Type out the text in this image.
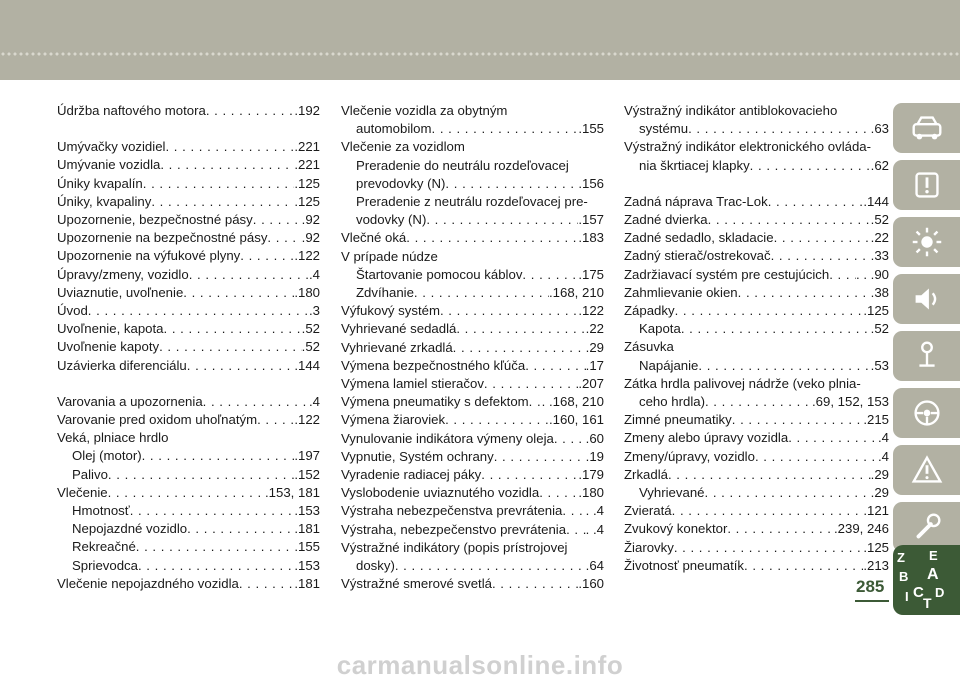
Údržba naftového motora . . .	.192
Umývačky vozidiel . . .	.221
Umývanie vozidla . . .	.221
Úniky kvapalín . . .	.125
Úniky, kvapaliny . . .	.125
Upozornenie, bezpečnostné pásy . . .	.92
Upozornenie na bezpečnostné pásy . . .	.92
Upozornenie na výfukové plyny . . .	.122
Úpravy/zmeny, vozidlo . . .	.4
Uviaznutie, uvoľnenie . . .	.180
Úvod . . .	.3
Uvoľnenie, kapota . . .	.52
Uvoľnenie kapoty . . .	.52
Uzávierka diferenciálu . . .	.144
Varovania a upozornenia . . .	.4
Varovanie pred oxidom uhoľnatým . . .	.122
Veká, plniace hrdlo
Olej (motor) . . .	.197
Palivo . . .	.152
Vlečenie . . .	.153, 181
Hmotnosť . . .	.153
Nepojazdné vozidlo . . .	.181
Rekreačné . . .	.155
Sprievodca . . .	.153
Vlečenie nepojazdného vozidla . . .	.181
Vlečenie vozidla za obytným
automobilom . . .	.155
Vlečenie za vozidlom
Preradenie do neutrálu rozdeľovacej
prevodovky (N) . . .	.156
Preradenie z neutrálu rozdeľovacej pre-
vodovky (N) . . .	.157
Vlečné oká . . .	.183
V prípade núdze
Štartovanie pomocou káblov . . .	.175
Zdvíhanie . . .	.168, 210
Výfukový systém . . .	.122
Vyhrievané sedadlá . . .	.22
Vyhrievané zrkadlá . . .	.29
Výmena bezpečnostného kľúča . . .	.17
Výmena lamiel stieračov . . .	.207
Výmena pneumatiky s defektom . . . . .168, 210
Výmena žiaroviek . . .	.160, 161
Vynulovanie indikátora výmeny oleja . . . . .60
Vypnutie, Systém ochrany . . .	.19
Vyradenie radiacej páky . . .	.179
Vyslobodenie uviaznutého vozidla . . .	.180
Výstraha nebezpečenstva prevrátenia . . . . .4
Výstraha, nebezpečenstvo prevrátenia . . . . .4
Výstražné indikátory (popis prístrojovej
dosky) . . .	.64
Výstražné smerové svetlá . . .	.160
Výstražný indikátor antiblokovacieho
systému . . .	.63
Výstražný indikátor elektronického ovláda-
nia škrtiacej klapky . . .	.62
Zadná náprava Trac-Lok . . .	.144
Zadné dvierka . . .	.52
Zadné sedadlo, skladacie . . .	.22
Zadný stierač/ostrekovač . . .	.33
Zadržiavací systém pre cestujúcich . . . . . .90
Zahmlievanie okien . . .	.38
Západky . . .	.125
Kapota . . .	.52
Zásuvka
Napájanie . . .	.53
Zátka hrdla palivovej nádrže (veko plnia-
ceho hrdla) . . .	.69, 152, 153
Zimné pneumatiky . . .	.215
Zmeny alebo úpravy vozidla . . .	.4
Zmeny/úpravy, vozidlo . . .	.4
Zrkadlá . . .	.29
Vyhrievané . . .	.29
Zvieratá . . .	.121
Zvukový konektor . . .	.239, 246
Žiarovky . . .	.125
Životnosť pneumatík . . .	.213
Z E
B A
I C
T
D
285
carmanualsonline.info
